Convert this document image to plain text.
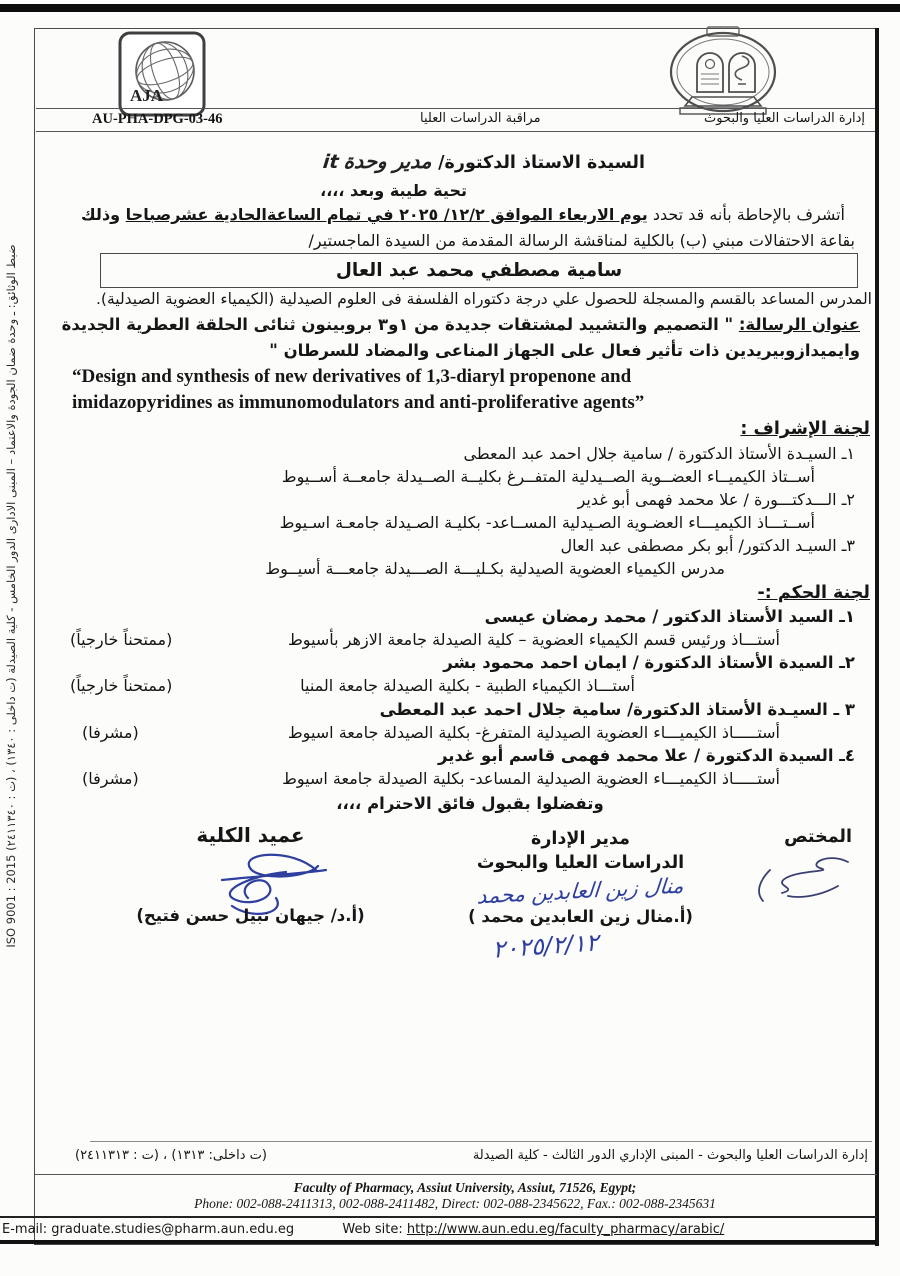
ضبط الوثائق: ـ وحدة ضمان الجودة والاعتماد – المبنى الادارى الدور الخامس - كلية الصيدلة (ت داخلى : ١٣٤٠) ، (ت : ٢٤١١٣٤٠) ISO 9001 : 2015
AJA
AU-PHA-DPG-03-46	مراقبة الدراسات العليا	إدارة الدراسات العليا والبحوث
السيدة الاستاذ الدكتورة/ مدير وحدة it
تحية طيبة وبعد ،،،،
أتشرف بالإحاطة بأنه قد تحدد يوم الاربعاء الموافق ١٢/٢/ ٢٠٢٥ في تمام الساعةالحادية عشرصباحا وذلك
بقاعة الاحتفالات مبني (ب) بالكلية لمناقشة الرسالة المقدمة من السيدة الماجستير/
سامية مصطفي محمد عبد العال
المدرس المساعد بالقسم والمسجلة للحصول علي درجة دكتوراه الفلسفة فى العلوم الصيدلية (الكيمياء العضوية الصيدلية).
عنوان الرسالة: " التصميم والتشييد لمشتقات جديدة من ١و٣ بروبينون ثنائى الحلقة العطرية الجديدة
وايميدازوبيريدين ذات تأثير فعال على الجهاز المناعى والمضاد للسرطان "
“Design and synthesis of new derivatives of 1,3-diaryl propenone and
imidazopyridines as immunomodulators and anti-proliferative agents”
لجنة الإشراف :
١ـ السيـدة الأستاذ الدكتورة / سامية جلال احمد عبد المعطى
أســتاذ الكيميــاء العضــوية الصــيدلية المتفــرغ بكليــة الصــيدلة جامعــة أســيوط
٢ـ الـــدكتـــورة / علا محمد فهمى أبو غدير
أســتـــاذ الكيميـــاء العضـوية الصـيدلية المســاعد- بكليـة الصـيدلة جامعـة اسـيوط
٣ـ السيـد الدكتور/ أبو بكر مصطفى عبد العال
مدرس الكيمياء العضوية الصيدلية بكـليـــة الصـــيدلة جامعـــة أسيــوط
لجنة الحكم :-
١ـ السيد الأستاذ الدكتور / محمد رمضان عيسى
أستـــاذ ورئيس قسم الكيمياء العضوية – كلية الصيدلة جامعة الازهر بأسيوط
(ممتحناً خارجياً)
٢ـ السيدة الأستاذ الدكتورة / ايمان احمد محمود بشر
أستـــاذ الكيمياء الطبية - بكلية الصيدلة جامعة المنيا
(ممتحناً خارجياً)
٣ ـ السيـدة الأستاذ الدكتورة/ سامية جلال احمد عبد المعطى
أستـــــاذ الكيميـــاء العضوية الصيدلية المتفرغ- بكلية الصيدلة جامعة اسيوط
(مشرفا)
٤ـ السيدة الدكتورة / علا محمد فهمى قاسم أبو غدير
أستـــــاذ الكيميـــاء العضوية الصيدلية المساعد- بكلية الصيدلة جامعة اسيوط
(مشرفا)
وتفضلوا بقبول فائق الاحترام ،،،،
المختص
مدير الإدارة
الدراسات العليا والبحوث
منال زين العابدين محمد
(أ.منال زين العابدين محمد )
٢٠٢٥/٢/١٢
عميد الكلية
(أ.د/ جيهان نبيل حسن فتيح)
إدارة الدراسات العليا والبحوث - المبنى الإداري الدور الثالث - كلية الصيدلة
(ت داخلى: ١٣١٣) ، (ت : ٢٤١١٣١٣)
Faculty of Pharmacy, Assiut University, Assiut, 71526, Egypt;
Phone: 002-088-2411313, 002-088-2411482, Direct: 002-088-2345622, Fax.: 002-088-2345631
E-mail: graduate.studies@pharm.aun.edu.eg	Web site: http://www.aun.edu.eg/faculty_pharmacy/arabic/
